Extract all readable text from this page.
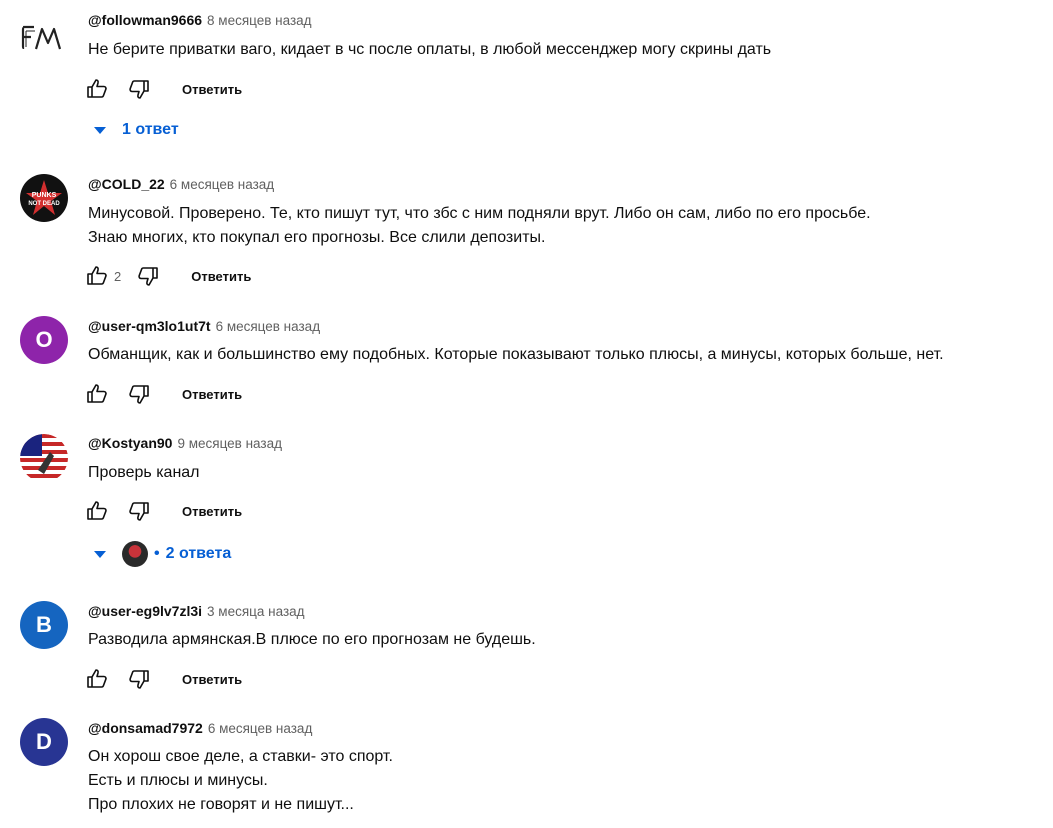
@followman9666 8 месяцев назад
Не берите приватки ваго, кидает в чс после оплаты, в любой мессенджер могу скрины дать
Ответить
1 ответ
PUNKS
NOT DEAD
@COLD_22 6 месяцев назад
Минусовой. Проверено. Те, кто пишут тут, что збс с ним подняли врут. Либо он сам, либо по его просьбе.
Знаю многих, кто покупал его прогнозы. Все слили депозиты.
2	Ответить
O
@user-qm3lo1ut7t 6 месяцев назад
Обманщик, как и большинство ему подобных. Которые показывают только плюсы, а минусы, которых больше, нет.
Ответить
@Kostyan90 9 месяцев назад
Проверь канал
Ответить
• 2 ответа
B
@user-eg9lv7zl3i 3 месяца назад
Разводила армянская.В плюсе по его прогнозам не будешь.
Ответить
D
@donsamad7972 6 месяцев назад
Он хорош свое деле, а ставки- это спорт.
Есть и плюсы и минусы.
Про плохих не говорят и не пишут...
